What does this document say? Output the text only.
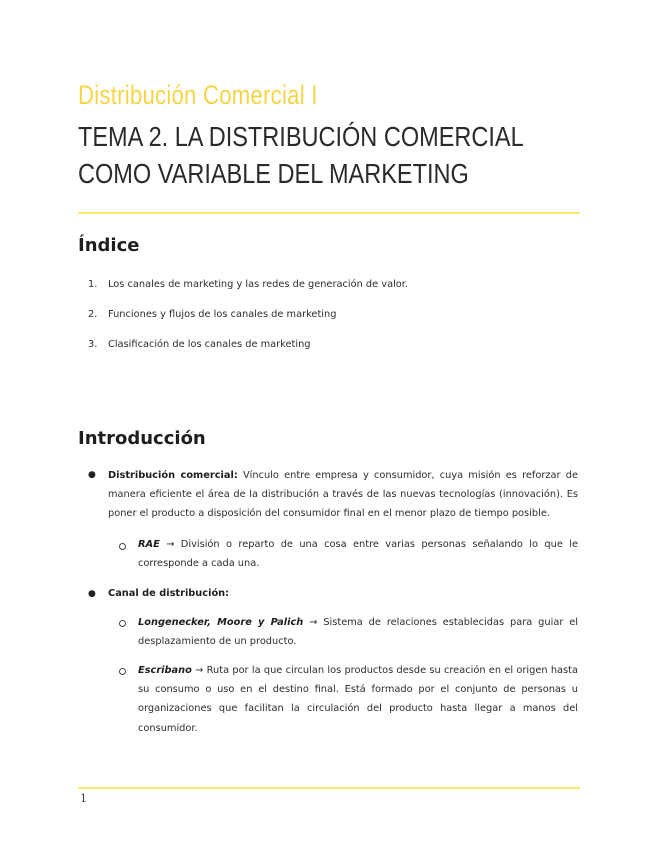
Distribución Comercial I
TEMA 2. LA DISTRIBUCIÓN COMERCIAL COMO VARIABLE DEL MARKETING
Índice
1. Los canales de marketing y las redes de generación de valor.
2. Funciones y flujos de los canales de marketing
3. Clasificación de los canales de marketing
Introducción
● Distribución comercial: Vínculo entre empresa y consumidor, cuya misión es reforzar de manera eficiente el área de la distribución a través de las nuevas tecnologías (innovación). Es poner el producto a disposición del consumidor final en el menor plazo de tiempo posible.
RAE → División o reparto de una cosa entre varias personas señalando lo que le corresponde a cada una.
● Canal de distribución:
Longenecker, Moore y Palich → Sistema de relaciones establecidas para guiar el desplazamiento de un producto.
Escribano → Ruta por la que circulan los productos desde su creación en el origen hasta su consumo o uso en el destino final. Está formado por el conjunto de personas u organizaciones que facilitan la circulación del producto hasta llegar a manos del consumidor.
1
